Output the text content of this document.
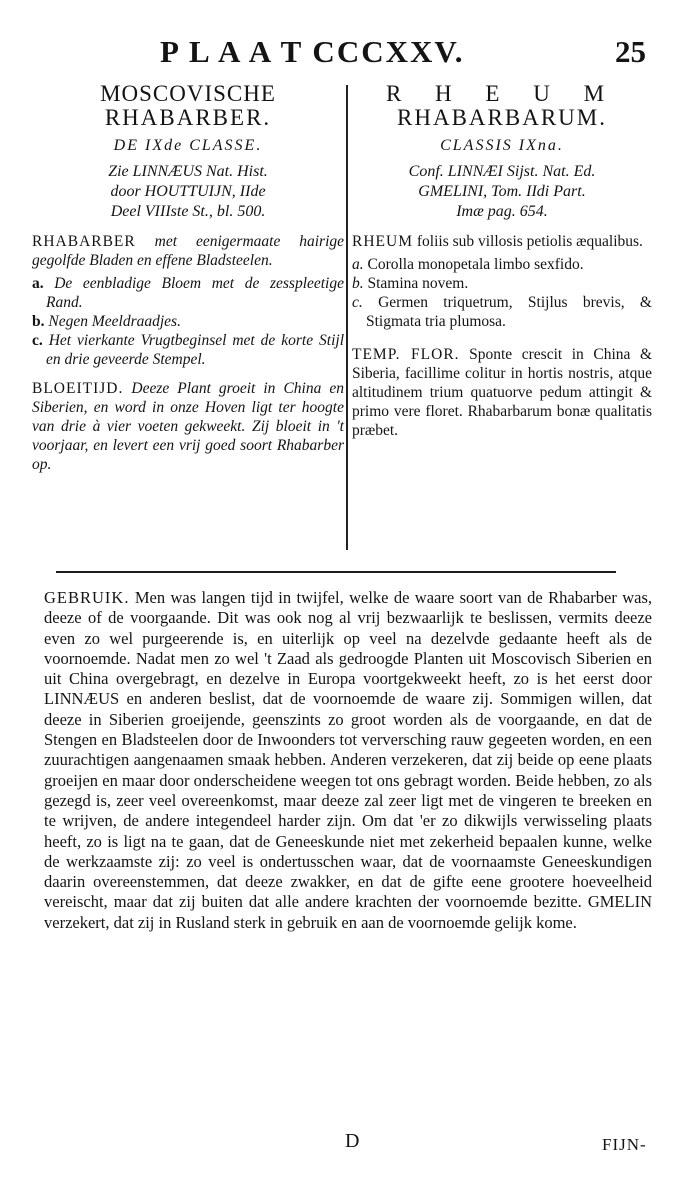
P L A A T CCCXXV.	25
MOSCOVISCHE
RHABARBER.
DE IXde CLASSE.
Zie LINNÆUS Nat. Hist.
door HOUTTUIJN, IIde
Deel VIIIste St., bl. 500.
RHABARBER met eenigermaate hairige gegolfde Bladen en effene Bladsteelen.
a. De eenbladige Bloem met de zesspleetige Rand.
b. Negen Meeldraadjes.
c. Het vierkante Vrugtbeginsel met de korte Stijl en drie geveerde Stempel.
BLOEITIJD. Deeze Plant groeit in China en Siberien, en word in onze Hoven ligt ter hoogte van drie à vier voeten gekweekt. Zij bloeit in 't voorjaar, en levert een vrij goed soort Rhabarber op.
R H E U M
RHABARBARUM.
CLASSIS IXna.
Conf. LINNÆI Sijst. Nat. Ed.
GMELINI, Tom. IIdi Part.
Imæ pag. 654.
RHEUM foliis sub villosis petiolis æqualibus.
a. Corolla monopetala limbo sexfido.
b. Stamina novem.
c. Germen triquetrum, Stijlus brevis, & Stigmata tria plumosa.
TEMP. FLOR. Sponte crescit in China & Siberia, facillime colitur in hortis nostris, atque altitudinem trium quatuorve pedum attingit & primo vere floret. Rhabarbarum bonæ qualitatis præbet.
GEBRUIK. Men was langen tijd in twijfel, welke de waare soort van de Rhabarber was, deeze of de voorgaande. Dit was ook nog al vrij bezwaarlijk te beslissen, vermits deeze even zo wel purgeerende is, en uiterlijk op veel na dezelvde gedaante heeft als de voornoemde. Nadat men zo wel 't Zaad als gedroogde Planten uit Moscovisch Siberien en uit China overgebragt, en dezelve in Europa voortgekweekt heeft, zo is het eerst door LINNÆUS en anderen beslist, dat de voornoemde de waare zij. Sommigen willen, dat deeze in Siberien groeijende, geenszints zo groot worden als de voorgaande, en dat de Stengen en Bladsteelen door de Inwoonders tot verversching rauw gegeeten worden, en een zuurachtigen aangenaamen smaak hebben. Anderen verzekeren, dat zij beide op eene plaats groeijen en maar door onderscheidene weegen tot ons gebragt worden. Beide hebben, zo als gezegd is, zeer veel overeenkomst, maar deeze zal zeer ligt met de vingeren te breeken en te wrijven, de andere integendeel harder zijn. Om dat 'er zo dikwijls verwisseling plaats heeft, zo is ligt na te gaan, dat de Geneeskunde niet met zekerheid bepaalen kunne, welke de werkzaamste zij: zo veel is ondertusschen waar, dat de voornaamste Geneeskundigen daarin overeenstemmen, dat deeze zwakker, en dat de gifte eene grootere hoeveelheid vereischt, maar dat zij buiten dat alle andere krachten der voornoemde bezitte. GMELIN verzekert, dat zij in Rusland sterk in gebruik en aan de voornoemde gelijk kome.
D	FIJN-
